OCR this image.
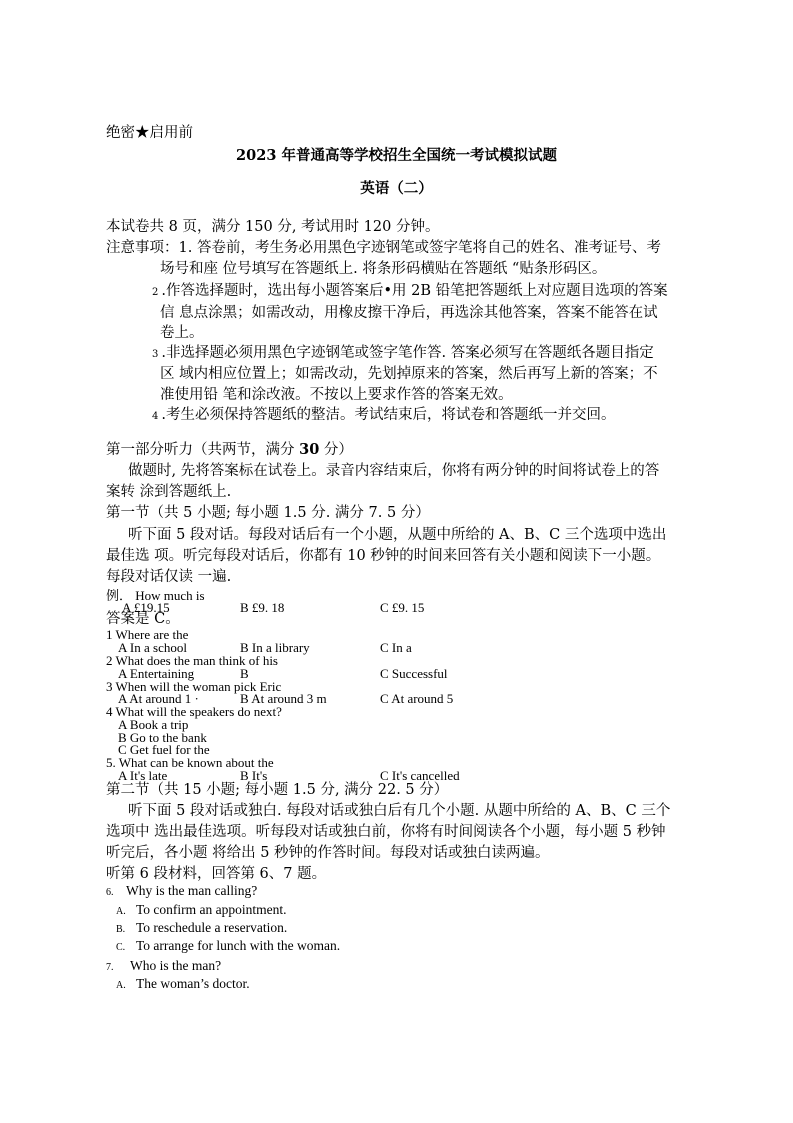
绝密★启用前
2023 年普通高等学校招生全国统一考试模拟试题
英语（二）
本试卷共 8 页，满分 150 分, 考试用时 120 分钟。
注意事项：1. 答卷前，考生务必用黑色字迹钢笔或签字笔将自己的姓名、准考证号、考
场号和座 位号填写在答题纸上. 将条形码横贴在答题纸 “贴条形码区。
2 .作答选择题时，选出每小题答案后•用 2B 铅笔把答题纸上对应题目选项的答案
信 息点涂黑；如需改动，用橡皮擦干净后，再选涂其他答案，答案不能答在试
卷上。
3 .非选择题必须用黑色字迹钢笔或签字笔作答. 答案必须写在答题纸各题目指定
区 域内相应位置上；如需改动，先划掉原来的答案，然后再写上新的答案；不
准使用铅 笔和涂改液。不按以上要求作答的答案无效。
4 .考生必须保持答题纸的整洁。考试结束后，将试卷和答题纸一并交回。
第一部分听力（共两节，满分 30 分）
做题时, 先将答案标在试卷上。录音内容结束后，你将有两分钟的时间将试卷上的答
案转 涂到答题纸上.
第一节（共 5 小题; 每小题 1.5 分. 满分 7. 5 分）
听下面 5 段对话。每段对话后有一个小题，从题中所给的 A、B、C 三个选项中选出
最佳选 项。听完每段对话后，你都有 10 秒钟的时间来回答有关小题和阅读下一小题。
每段对话仅读 一遍.
例． How much is
A £19.15	B £9. 18	C £9. 15
答案是 C。
1 Where are the
A In a school	B In a library	C In a
2 What does the man think of his
A Entertaining	B	C Successful
3 When will the woman pick Eric
A At around 1 ·	B At around 3 m	C At around 5
4 What will the speakers do next?
A Book a trip
B Go to the bank
C Get fuel for the
5. What can be known about the
A It's late	B It's	C It's cancelled
第二节（共 15 小题; 每小题 1.5 分, 满分 22. 5 分）
听下面 5 段对话或独白. 每段对话或独白后有几个小题. 从题中所给的 A、B、C 三个
选项中 选出最佳选项。听每段对话或独白前，你将有时间阅读各个小题，每小题 5 秒钟
听完后，各小题 将给出 5 秒钟的作答时间。每段对话或独白读两遍。
听第 6 段材料，回答第 6、7 题。
6. Why is the man calling?
A. To confirm an appointment.
B. To reschedule a reservation.
C. To arrange for lunch with the woman.
7. Who is the man?
A. The woman’s doctor.
